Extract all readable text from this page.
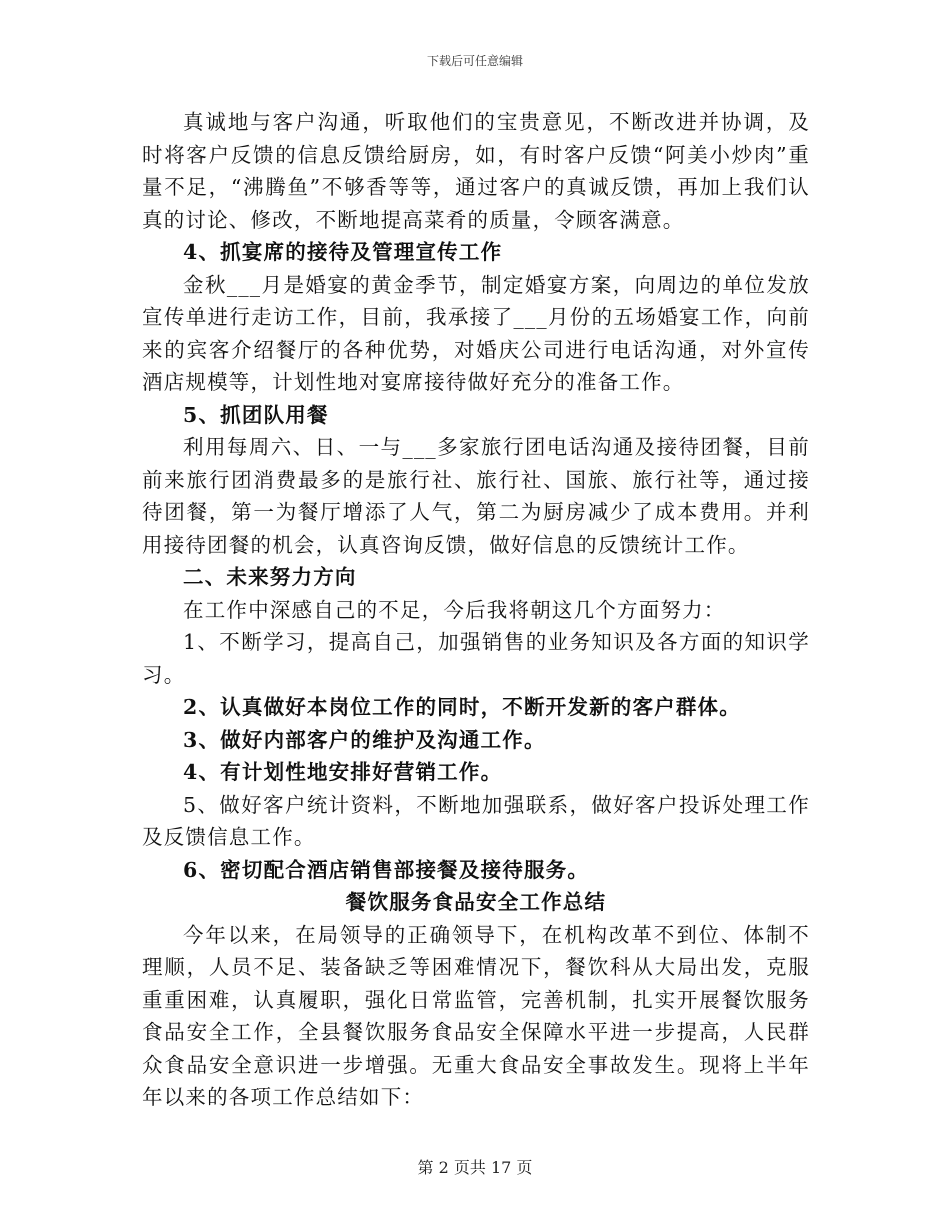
下载后可任意编辑

真诚地与客户沟通，听取他们的宝贵意见，不断改进并协调，及时将客户反馈的信息反馈给厨房，如，有时客户反馈“阿美小炒肉”重量不足，“沸腾鱼”不够香等等，通过客户的真诚反馈，再加上我们认真的讨论、修改，不断地提高菜肴的质量，令顾客满意。

4、抓宴席的接待及管理宣传工作

金秋___月是婚宴的黄金季节，制定婚宴方案，向周边的单位发放宣传单进行走访工作，目前，我承接了___月份的五场婚宴工作，向前来的宾客介绍餐厅的各种优势，对婚庆公司进行电话沟通，对外宣传酒店规模等，计划性地对宴席接待做好充分的准备工作。

5、抓团队用餐

利用每周六、日、一与___多家旅行团电话沟通及接待团餐，目前前来旅行团消费最多的是旅行社、旅行社、国旅、旅行社等，通过接待团餐，第一为餐厅增添了人气，第二为厨房减少了成本费用。并利用接待团餐的机会，认真咨询反馈，做好信息的反馈统计工作。

二、未来努力方向

在工作中深感自己的不足，今后我将朝这几个方面努力：

1、不断学习，提高自己，加强销售的业务知识及各方面的知识学习。

2、认真做好本岗位工作的同时，不断开发新的客户群体。

3、做好内部客户的维护及沟通工作。

4、有计划性地安排好营销工作。

5、做好客户统计资料，不断地加强联系，做好客户投诉处理工作及反馈信息工作。

6、密切配合酒店销售部接餐及接待服务。

餐饮服务食品安全工作总结

今年以来，在局领导的正确领导下，在机构改革不到位、体制不理顺，人员不足、装备缺乏等困难情况下，餐饮科从大局出发，克服重重困难，认真履职，强化日常监管，完善机制，扎实开展餐饮服务食品安全工作，全县餐饮服务食品安全保障水平进一步提高，人民群众食品安全意识进一步增强。无重大食品安全事故发生。现将上半年年以来的各项工作总结如下：

第 2 页共 17 页
